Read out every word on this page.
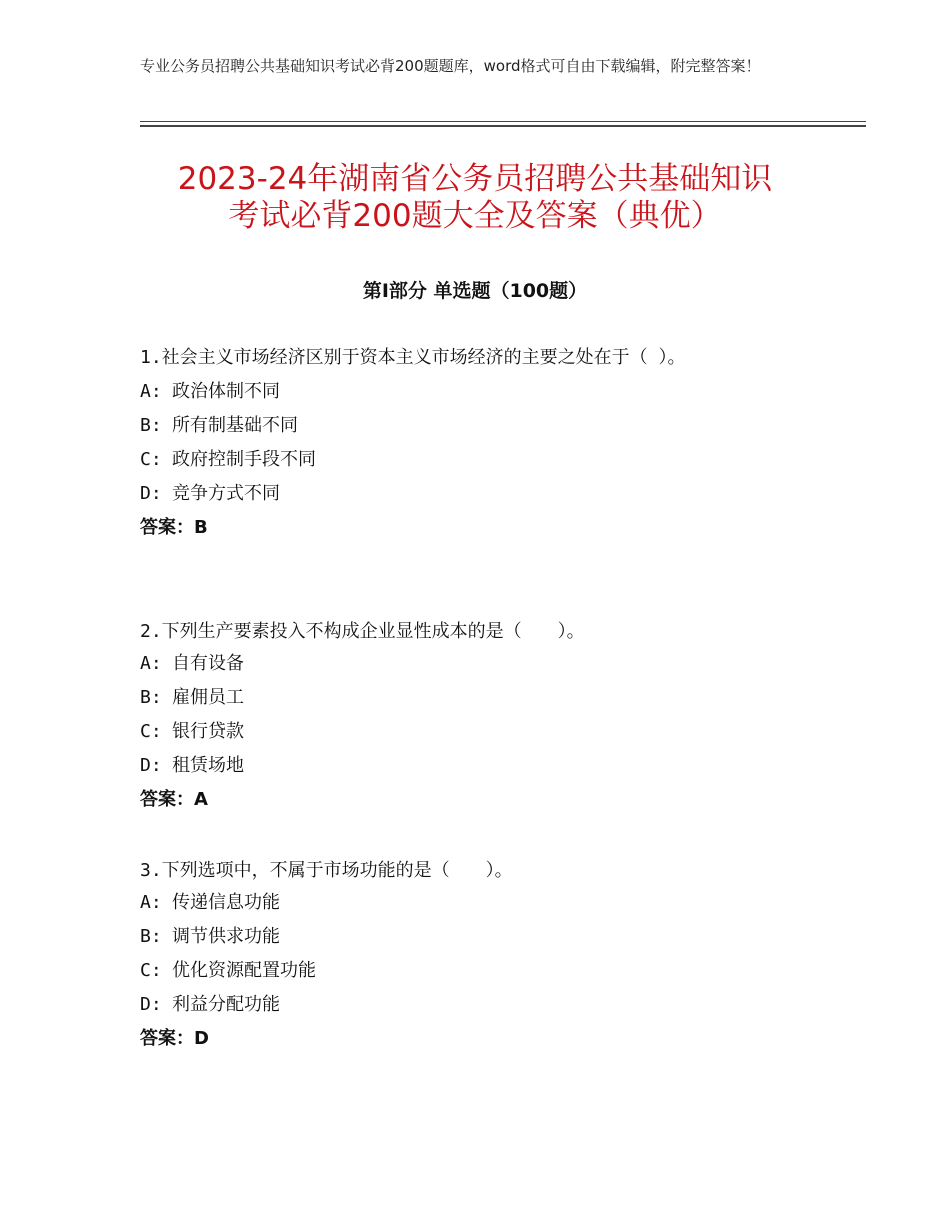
专业公务员招聘公共基础知识考试必背200题题库，word格式可自由下载编辑，附完整答案！
2023-24年湖南省公务员招聘公共基础知识
考试必背200题大全及答案（典优）
第Ⅰ部分 单选题（100题）

1.社会主义市场经济区别于资本主义市场经济的主要之处在于（ ）。

A: 政治体制不同
B: 所有制基础不同
C: 政府控制手段不同
D: 竞争方式不同
答案：B

2.下列生产要素投入不构成企业显性成本的是（　　）。

A: 自有设备
B: 雇佣员工
C: 银行贷款
D: 租赁场地
答案：A

3.下列选项中，不属于市场功能的是（　　）。

A: 传递信息功能
B: 调节供求功能
C: 优化资源配置功能
D: 利益分配功能
答案：D
